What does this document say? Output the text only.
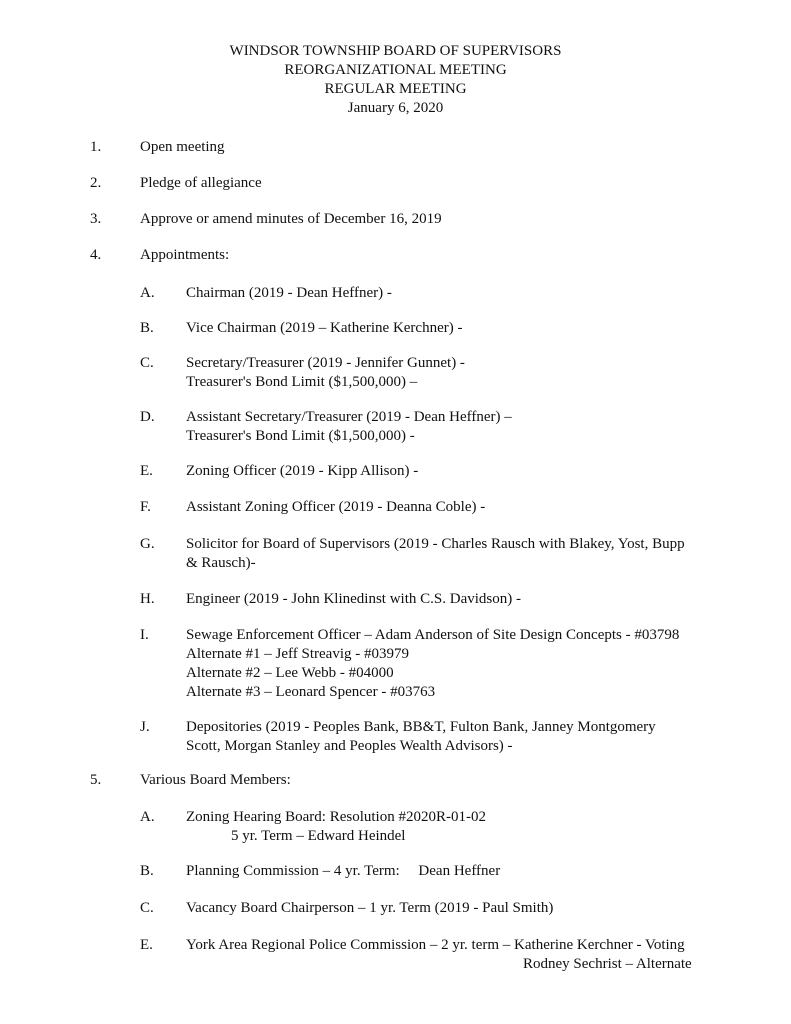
WINDSOR TOWNSHIP BOARD OF SUPERVISORS
REORGANIZATIONAL MEETING
REGULAR MEETING
January 6, 2020
1.	Open meeting
2.	Pledge of allegiance
3.	Approve or amend minutes of December 16, 2019
4.	Appointments:
A. Chairman (2019 - Dean Heffner) -
B. Vice Chairman (2019 – Katherine Kerchner) -
C. Secretary/Treasurer (2019 - Jennifer Gunnet) -
Treasurer's Bond Limit ($1,500,000) –
D. Assistant Secretary/Treasurer (2019 - Dean Heffner) –
Treasurer's Bond Limit ($1,500,000) -
E. Zoning Officer (2019 - Kipp Allison) -
F. Assistant Zoning Officer (2019 - Deanna Coble) -
G. Solicitor for Board of Supervisors (2019 - Charles Rausch with Blakey, Yost, Bupp
& Rausch)-
H. Engineer (2019 - John Klinedinst with C.S. Davidson) -
I. Sewage Enforcement Officer – Adam Anderson of Site Design Concepts - #03798
Alternate #1 – Jeff Streavig - #03979
Alternate #2 – Lee Webb - #04000
Alternate #3 – Leonard Spencer - #03763
J. Depositories (2019 - Peoples Bank, BB&T, Fulton Bank, Janney Montgomery
Scott, Morgan Stanley and Peoples Wealth Advisors) -
5.	Various Board Members:
A. Zoning Hearing Board: Resolution #2020R-01-02
5 yr. Term – Edward Heindel
B. Planning Commission – 4 yr. Term:     Dean Heffner
C. Vacancy Board Chairperson – 1 yr. Term (2019 - Paul Smith)
E. York Area Regional Police Commission – 2 yr. term – Katherine Kerchner - Voting
Rodney Sechrist – Alternate
